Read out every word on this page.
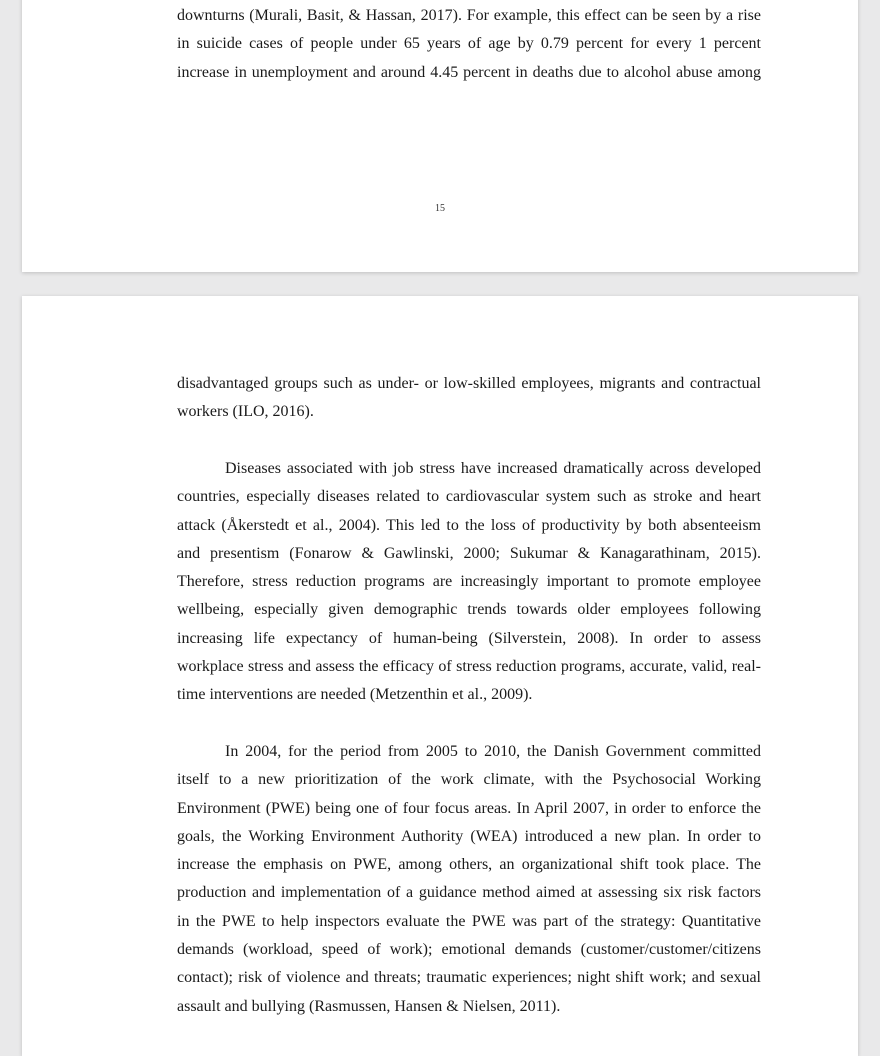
downturns (Murali, Basit, & Hassan, 2017). For example, this effect can be seen by a rise
in suicide cases of people under 65 years of age by 0.79 percent for every 1 percent
increase in unemployment and around 4.45 percent in deaths due to alcohol abuse among
15
disadvantaged groups such as under- or low-skilled employees, migrants and contractual
workers (ILO, 2016).
Diseases associated with job stress have increased dramatically across developed
countries, especially diseases related to cardiovascular system such as stroke and heart
attack (Åkerstedt et al., 2004). This led to the loss of productivity by both absenteeism
and presentism (Fonarow & Gawlinski, 2000; Sukumar & Kanagarathinam, 2015).
Therefore, stress reduction programs are increasingly important to promote employee
wellbeing, especially given demographic trends towards older employees following
increasing life expectancy of human-being (Silverstein, 2008). In order to assess
workplace stress and assess the efficacy of stress reduction programs, accurate, valid, real-
time interventions are needed (Metzenthin et al., 2009).
In 2004, for the period from 2005 to 2010, the Danish Government committed
itself to a new prioritization of the work climate, with the Psychosocial Working
Environment (PWE) being one of four focus areas. In April 2007, in order to enforce the
goals, the Working Environment Authority (WEA) introduced a new plan. In order to
increase the emphasis on PWE, among others, an organizational shift took place. The
production and implementation of a guidance method aimed at assessing six risk factors
in the PWE to help inspectors evaluate the PWE was part of the strategy: Quantitative
demands (workload, speed of work); emotional demands (customer/customer/citizens
contact); risk of violence and threats; traumatic experiences; night shift work; and sexual
assault and bullying (Rasmussen, Hansen & Nielsen, 2011).
